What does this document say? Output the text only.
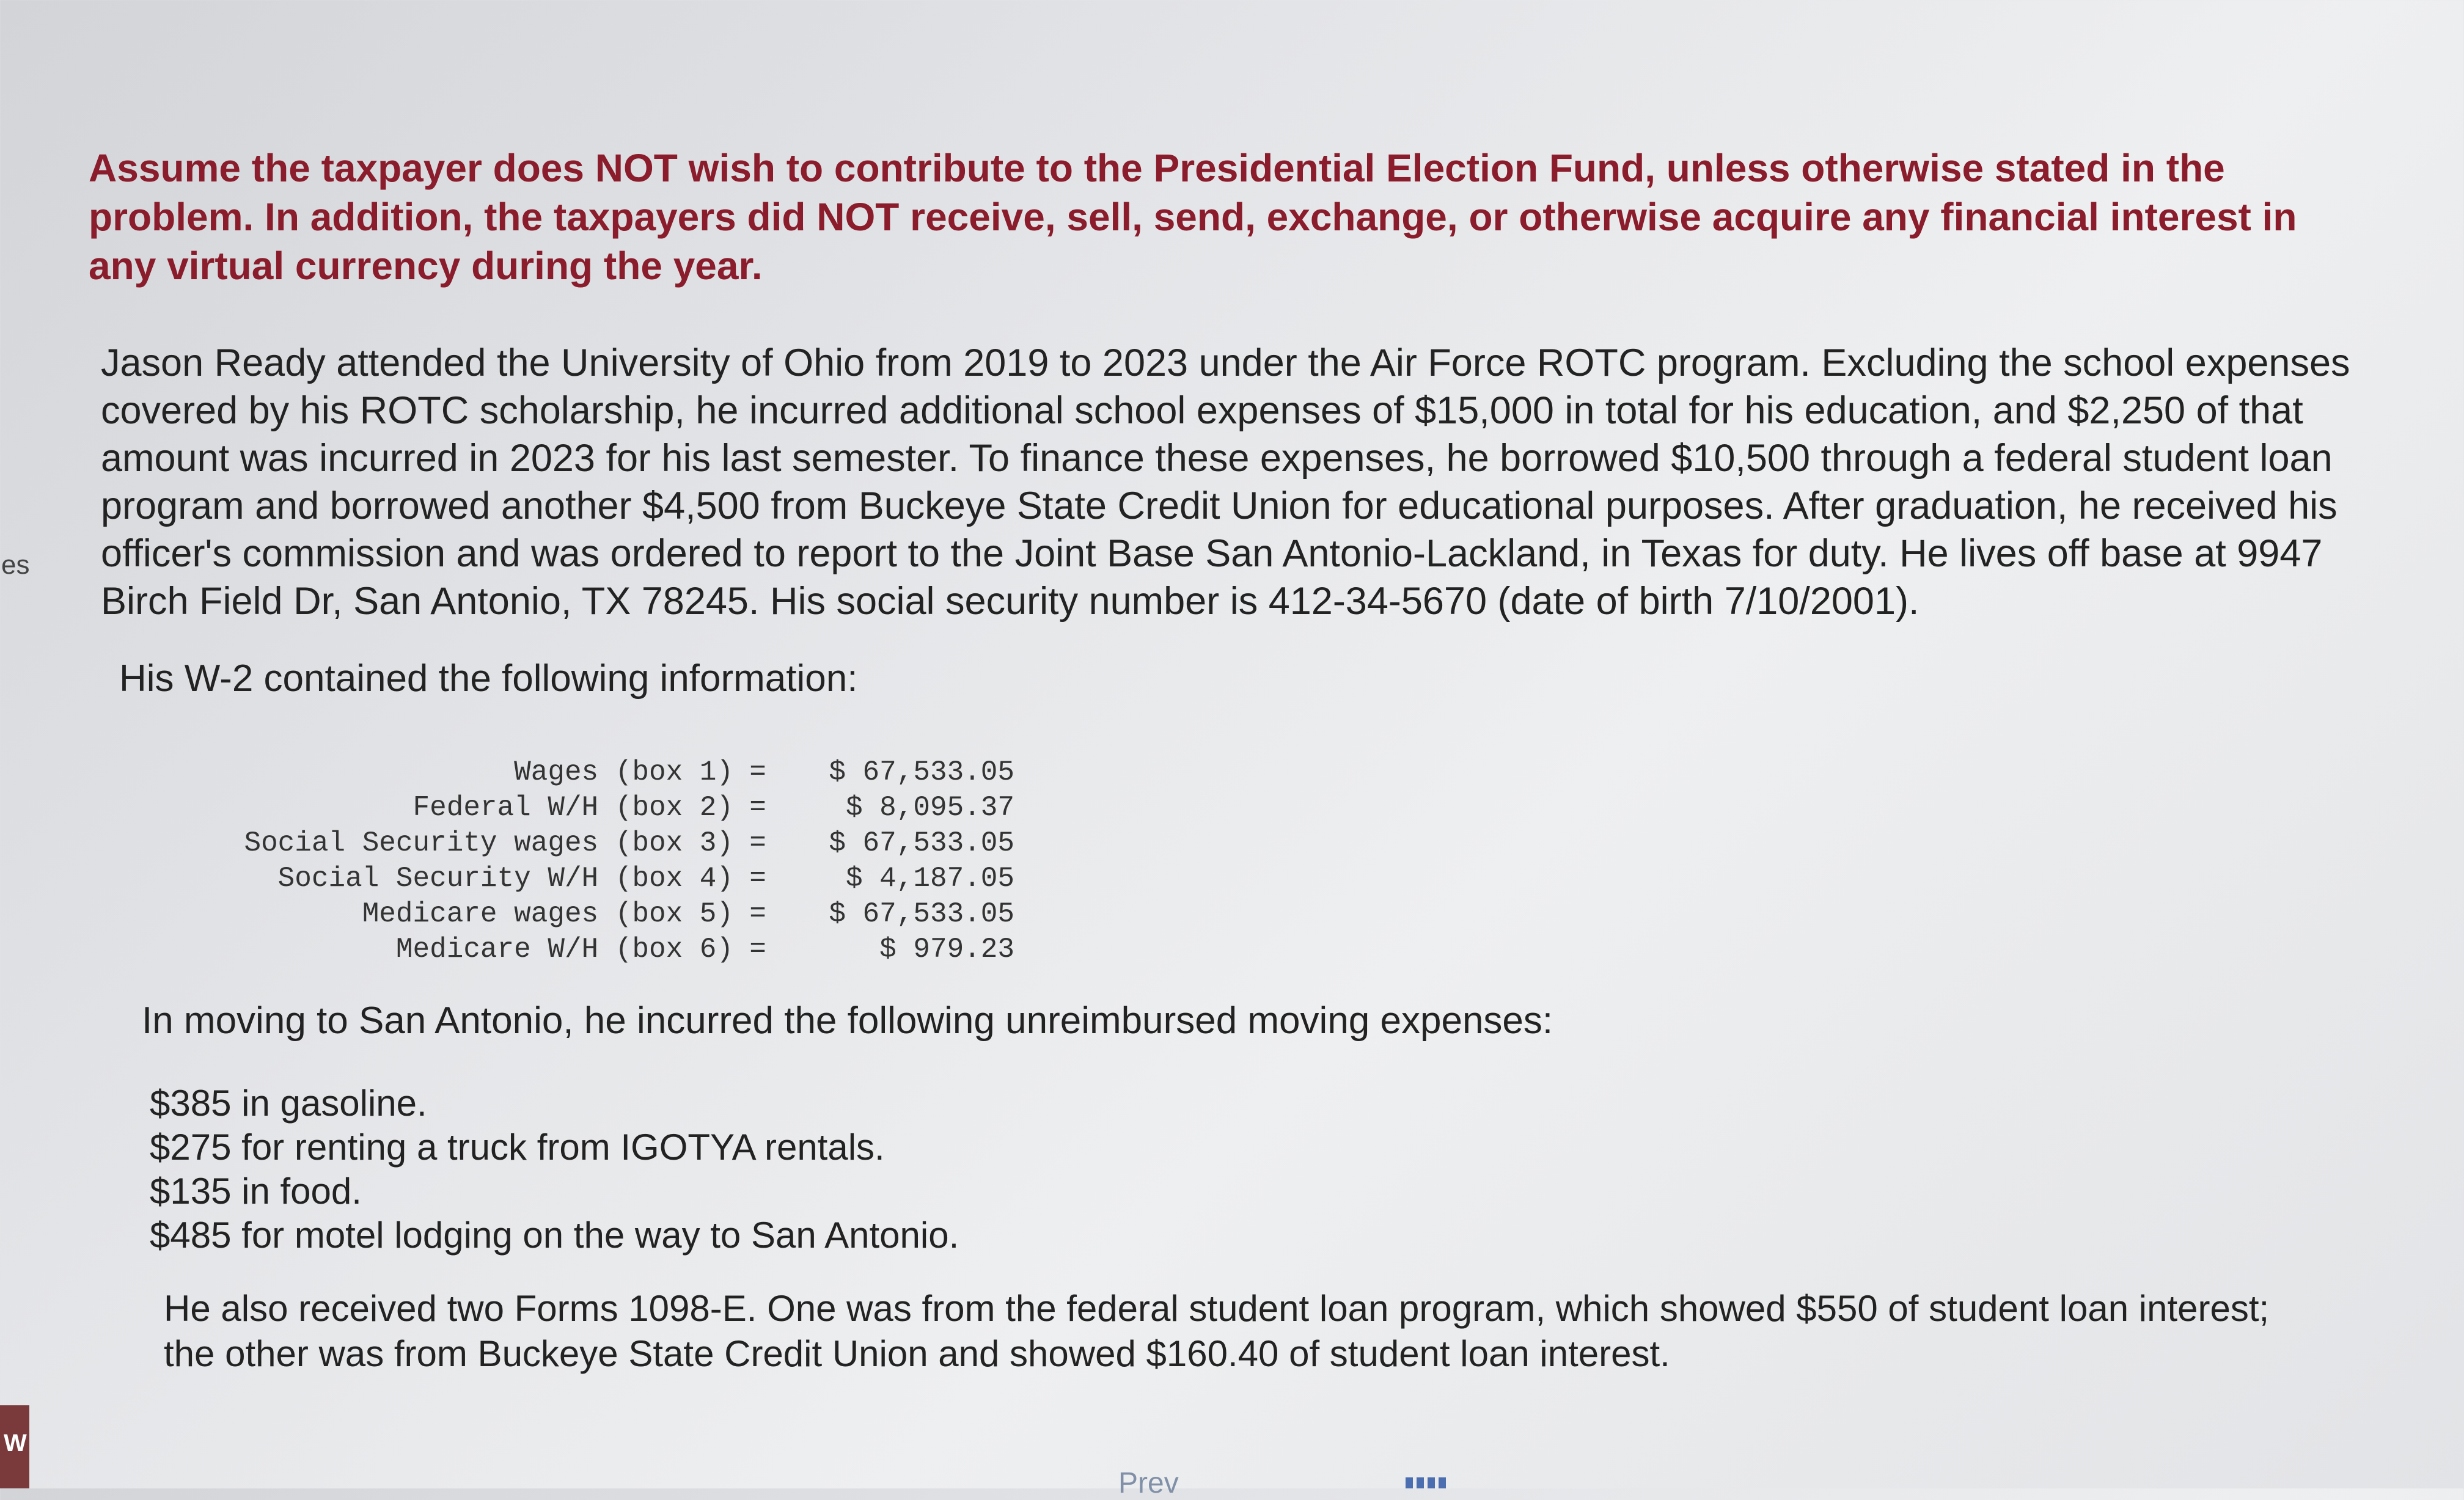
es
W

Assume the taxpayer does NOT wish to contribute to the Presidential Election Fund, unless otherwise stated in the problem. In addition, the taxpayers did NOT receive, sell, send, exchange, or otherwise acquire any financial interest in any virtual currency during the year.

Jason Ready attended the University of Ohio from 2019 to 2023 under the Air Force ROTC program. Excluding the school expenses covered by his ROTC scholarship, he incurred additional school expenses of $15,000 in total for his education, and $2,250 of that amount was incurred in 2023 for his last semester. To finance these expenses, he borrowed $10,500 through a federal student loan program and borrowed another $4,500 from Buckeye State Credit Union for educational purposes. After graduation, he received his officer's commission and was ordered to report to the Joint Base San Antonio-Lackland, in Texas for duty. He lives off base at 9947 Birch Field Dr, San Antonio, TX 78245. His social security number is 412-34-5670 (date of birth 7/10/2001).

His W-2 contained the following information:

Wages (box 1) =	$ 67,533.05
Federal W/H (box 2) =	$ 8,095.37
Social Security wages (box 3) =	$ 67,533.05
Social Security W/H (box 4) =	$ 4,187.05
Medicare wages (box 5) =	$ 67,533.05
Medicare W/H (box 6) =	$ 979.23

In moving to San Antonio, he incurred the following unreimbursed moving expenses:

$385 in gasoline.
$275 for renting a truck from IGOTYA rentals.
$135 in food.
$485 for motel lodging on the way to San Antonio.

He also received two Forms 1098-E. One was from the federal student loan program, which showed $550 of student loan interest; the other was from Buckeye State Credit Union and showed $160.40 of student loan interest.

Prev
